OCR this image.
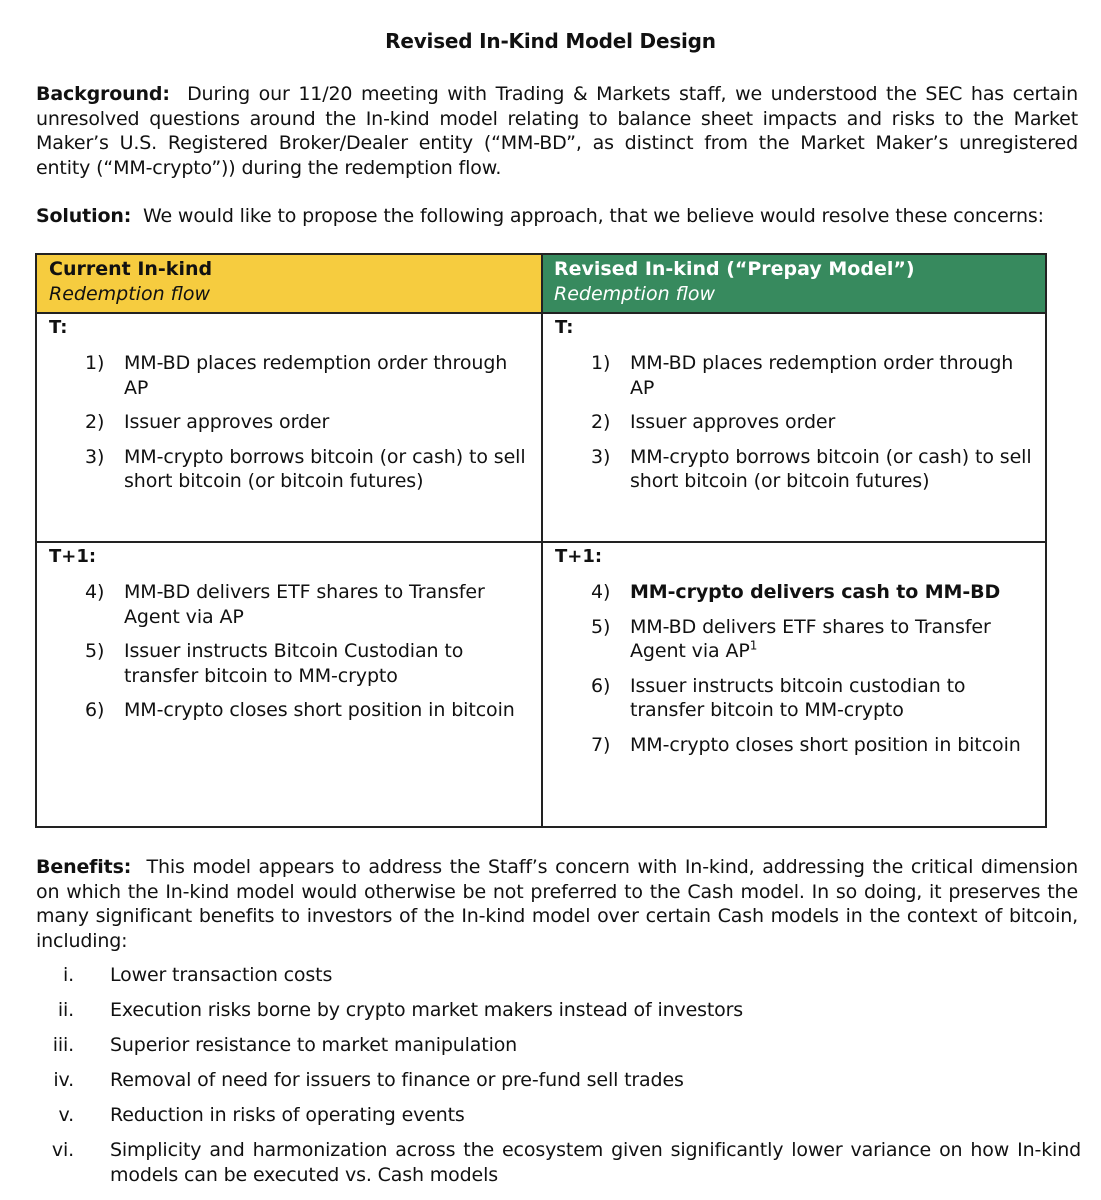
Revised In-Kind Model Design
Background: During our 11/20 meeting with Trading & Markets staff, we understood the SEC has certain unresolved questions around the In-kind model relating to balance sheet impacts and risks to the Market Maker’s U.S. Registered Broker/Dealer entity (“MM-BD”, as distinct from the Market Maker’s unregistered entity (“MM-crypto”)) during the redemption flow.
Solution: We would like to propose the following approach, that we believe would resolve these concerns:
Current In-kind
Redemption flow
Revised In-kind (“Prepay Model”)
Redemption flow
T:
1) MM-BD places redemption order through AP
2) Issuer approves order
3) MM-crypto borrows bitcoin (or cash) to sell short bitcoin (or bitcoin futures)
T:
1) MM-BD places redemption order through AP
2) Issuer approves order
3) MM-crypto borrows bitcoin (or cash) to sell short bitcoin (or bitcoin futures)
T+1:
4) MM-BD delivers ETF shares to Transfer Agent via AP
5) Issuer instructs Bitcoin Custodian to transfer bitcoin to MM-crypto
6) MM-crypto closes short position in bitcoin
T+1:
4) MM-crypto delivers cash to MM-BD
5) MM-BD delivers ETF shares to Transfer Agent via $AP^1$
6) Issuer instructs bitcoin custodian to transfer bitcoin to MM-crypto
7) MM-crypto closes short position in bitcoin
Benefits: This model appears to address the Staff’s concern with In-kind, addressing the critical dimension on which the In-kind model would otherwise be not preferred to the Cash model. In so doing, it preserves the many significant benefits to investors of the In-kind model over certain Cash models in the context of bitcoin, including:
i. Lower transaction costs
ii. Execution risks borne by crypto market makers instead of investors
iii. Superior resistance to market manipulation
iv. Removal of need for issuers to finance or pre-fund sell trades
v. Reduction in risks of operating events
vi. Simplicity and harmonization across the ecosystem given significantly lower variance on how In-kind models can be executed vs. Cash models
